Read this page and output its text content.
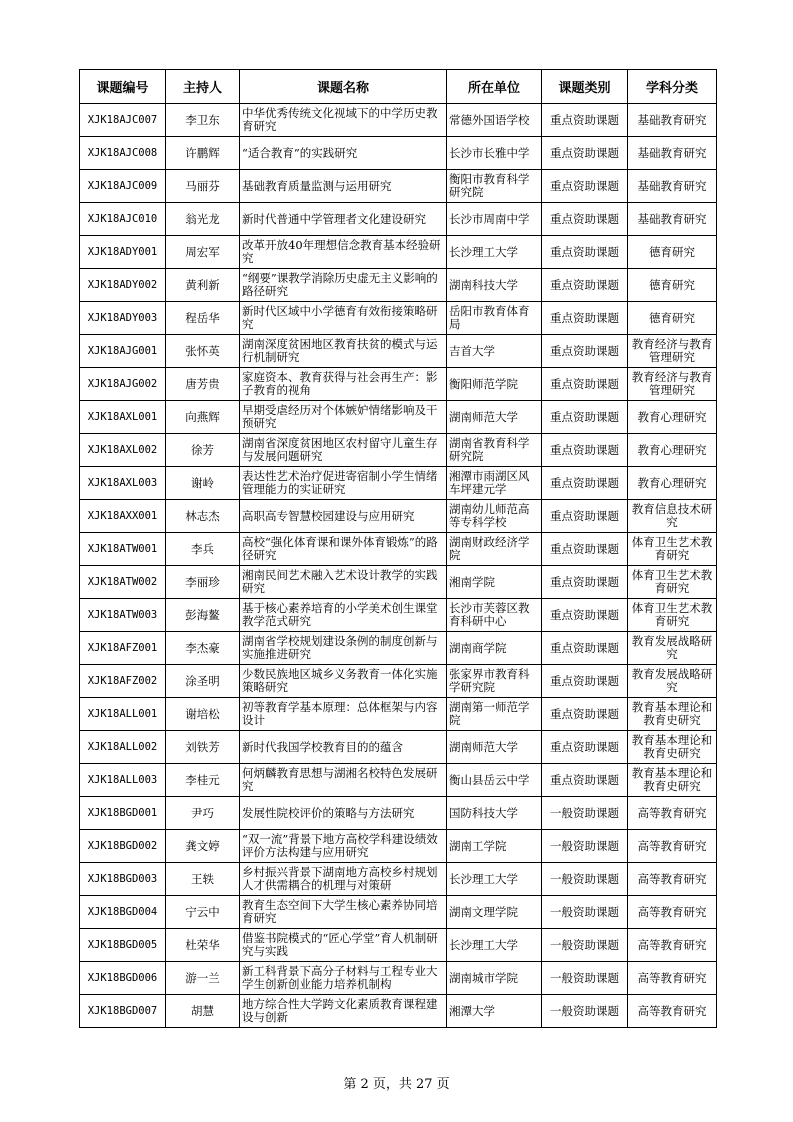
课题编号	主持人	课题名称	所在单位	课题类别	学科分类
XJK18AJC007	李卫东	中华优秀传统文化视域下的中学历史教育研究	常德外国语学校	重点资助课题	基础教育研究
XJK18AJC008	许鹏辉	“适合教育”的实践研究	长沙市长雅中学	重点资助课题	基础教育研究
XJK18AJC009	马丽芬	基础教育质量监测与运用研究	衡阳市教育科学研究院	重点资助课题	基础教育研究
XJK18AJC010	翁光龙	新时代普通中学管理者文化建设研究	长沙市周南中学	重点资助课题	基础教育研究
XJK18ADY001	周宏军	改革开放40年理想信念教育基本经验研究	长沙理工大学	重点资助课题	德育研究
XJK18ADY002	黄利新	“纲要”课教学消除历史虚无主义影响的路径研究	湖南科技大学	重点资助课题	德育研究
XJK18ADY003	程岳华	新时代区域中小学德育有效衔接策略研究	岳阳市教育体育局	重点资助课题	德育研究
XJK18AJG001	张怀英	湖南深度贫困地区教育扶贫的模式与运行机制研究	吉首大学	重点资助课题	教育经济与教育管理研究
XJK18AJG002	唐芳贵	家庭资本、教育获得与社会再生产：影子教育的视角	衡阳师范学院	重点资助课题	教育经济与教育管理研究
XJK18AXL001	向燕辉	早期受虐经历对个体嫉妒情绪影响及干预研究	湖南师范大学	重点资助课题	教育心理研究
XJK18AXL002	徐芳	湖南省深度贫困地区农村留守儿童生存与发展问题研究	湖南省教育科学研究院	重点资助课题	教育心理研究
XJK18AXL003	谢岭	表达性艺术治疗促进寄宿制小学生情绪管理能力的实证研究	湘潭市雨湖区风车坪建元学	重点资助课题	教育心理研究
XJK18AXX001	林志杰	高职高专智慧校园建设与应用研究	湖南幼儿师范高等专科学校	重点资助课题	教育信息技术研究
XJK18ATW001	李兵	高校“强化体育课和课外体育锻炼”的路径研究	湖南财政经济学院	重点资助课题	体育卫生艺术教育研究
XJK18ATW002	李丽珍	湘南民间艺术融入艺术设计教学的实践研究	湘南学院	重点资助课题	体育卫生艺术教育研究
XJK18ATW003	彭海鳌	基于核心素养培育的小学美术创生课堂教学范式研究	长沙市芙蓉区教育科研中心	重点资助课题	体育卫生艺术教育研究
XJK18AFZ001	李杰豪	湖南省学校规划建设条例的制度创新与实施推进研究	湖南商学院	重点资助课题	教育发展战略研究
XJK18AFZ002	涂圣明	少数民族地区城乡义务教育一体化实施策略研究	张家界市教育科学研究院	重点资助课题	教育发展战略研究
XJK18ALL001	谢培松	初等教育学基本原理：总体框架与内容设计	湖南第一师范学院	重点资助课题	教育基本理论和教育史研究
XJK18ALL002	刘铁芳	新时代我国学校教育目的的蕴含	湖南师范大学	重点资助课题	教育基本理论和教育史研究
XJK18ALL003	李桂元	何炳麟教育思想与湖湘名校特色发展研究	衡山县岳云中学	重点资助课题	教育基本理论和教育史研究
XJK18BGD001	尹巧	发展性院校评价的策略与方法研究	国防科技大学	一般资助课题	高等教育研究
XJK18BGD002	龚文婷	“双一流”背景下地方高校学科建设绩效评价方法构建与应用研究	湖南工学院	一般资助课题	高等教育研究
XJK18BGD003	王轶	乡村振兴背景下湖南地方高校乡村规划人才供需耦合的机理与对策研	长沙理工大学	一般资助课题	高等教育研究
XJK18BGD004	宁云中	教育生态空间下大学生核心素养协同培育研究	湖南文理学院	一般资助课题	高等教育研究
XJK18BGD005	杜荣华	借鉴书院模式的“匠心学堂”育人机制研究与实践	长沙理工大学	一般资助课题	高等教育研究
XJK18BGD006	游一兰	新工科背景下高分子材料与工程专业大学生创新创业能力培养机制构	湖南城市学院	一般资助课题	高等教育研究
XJK18BGD007	胡慧	地方综合性大学跨文化素质教育课程建设与创新	湘潭大学	一般资助课题	高等教育研究
第 2 页，共 27 页
